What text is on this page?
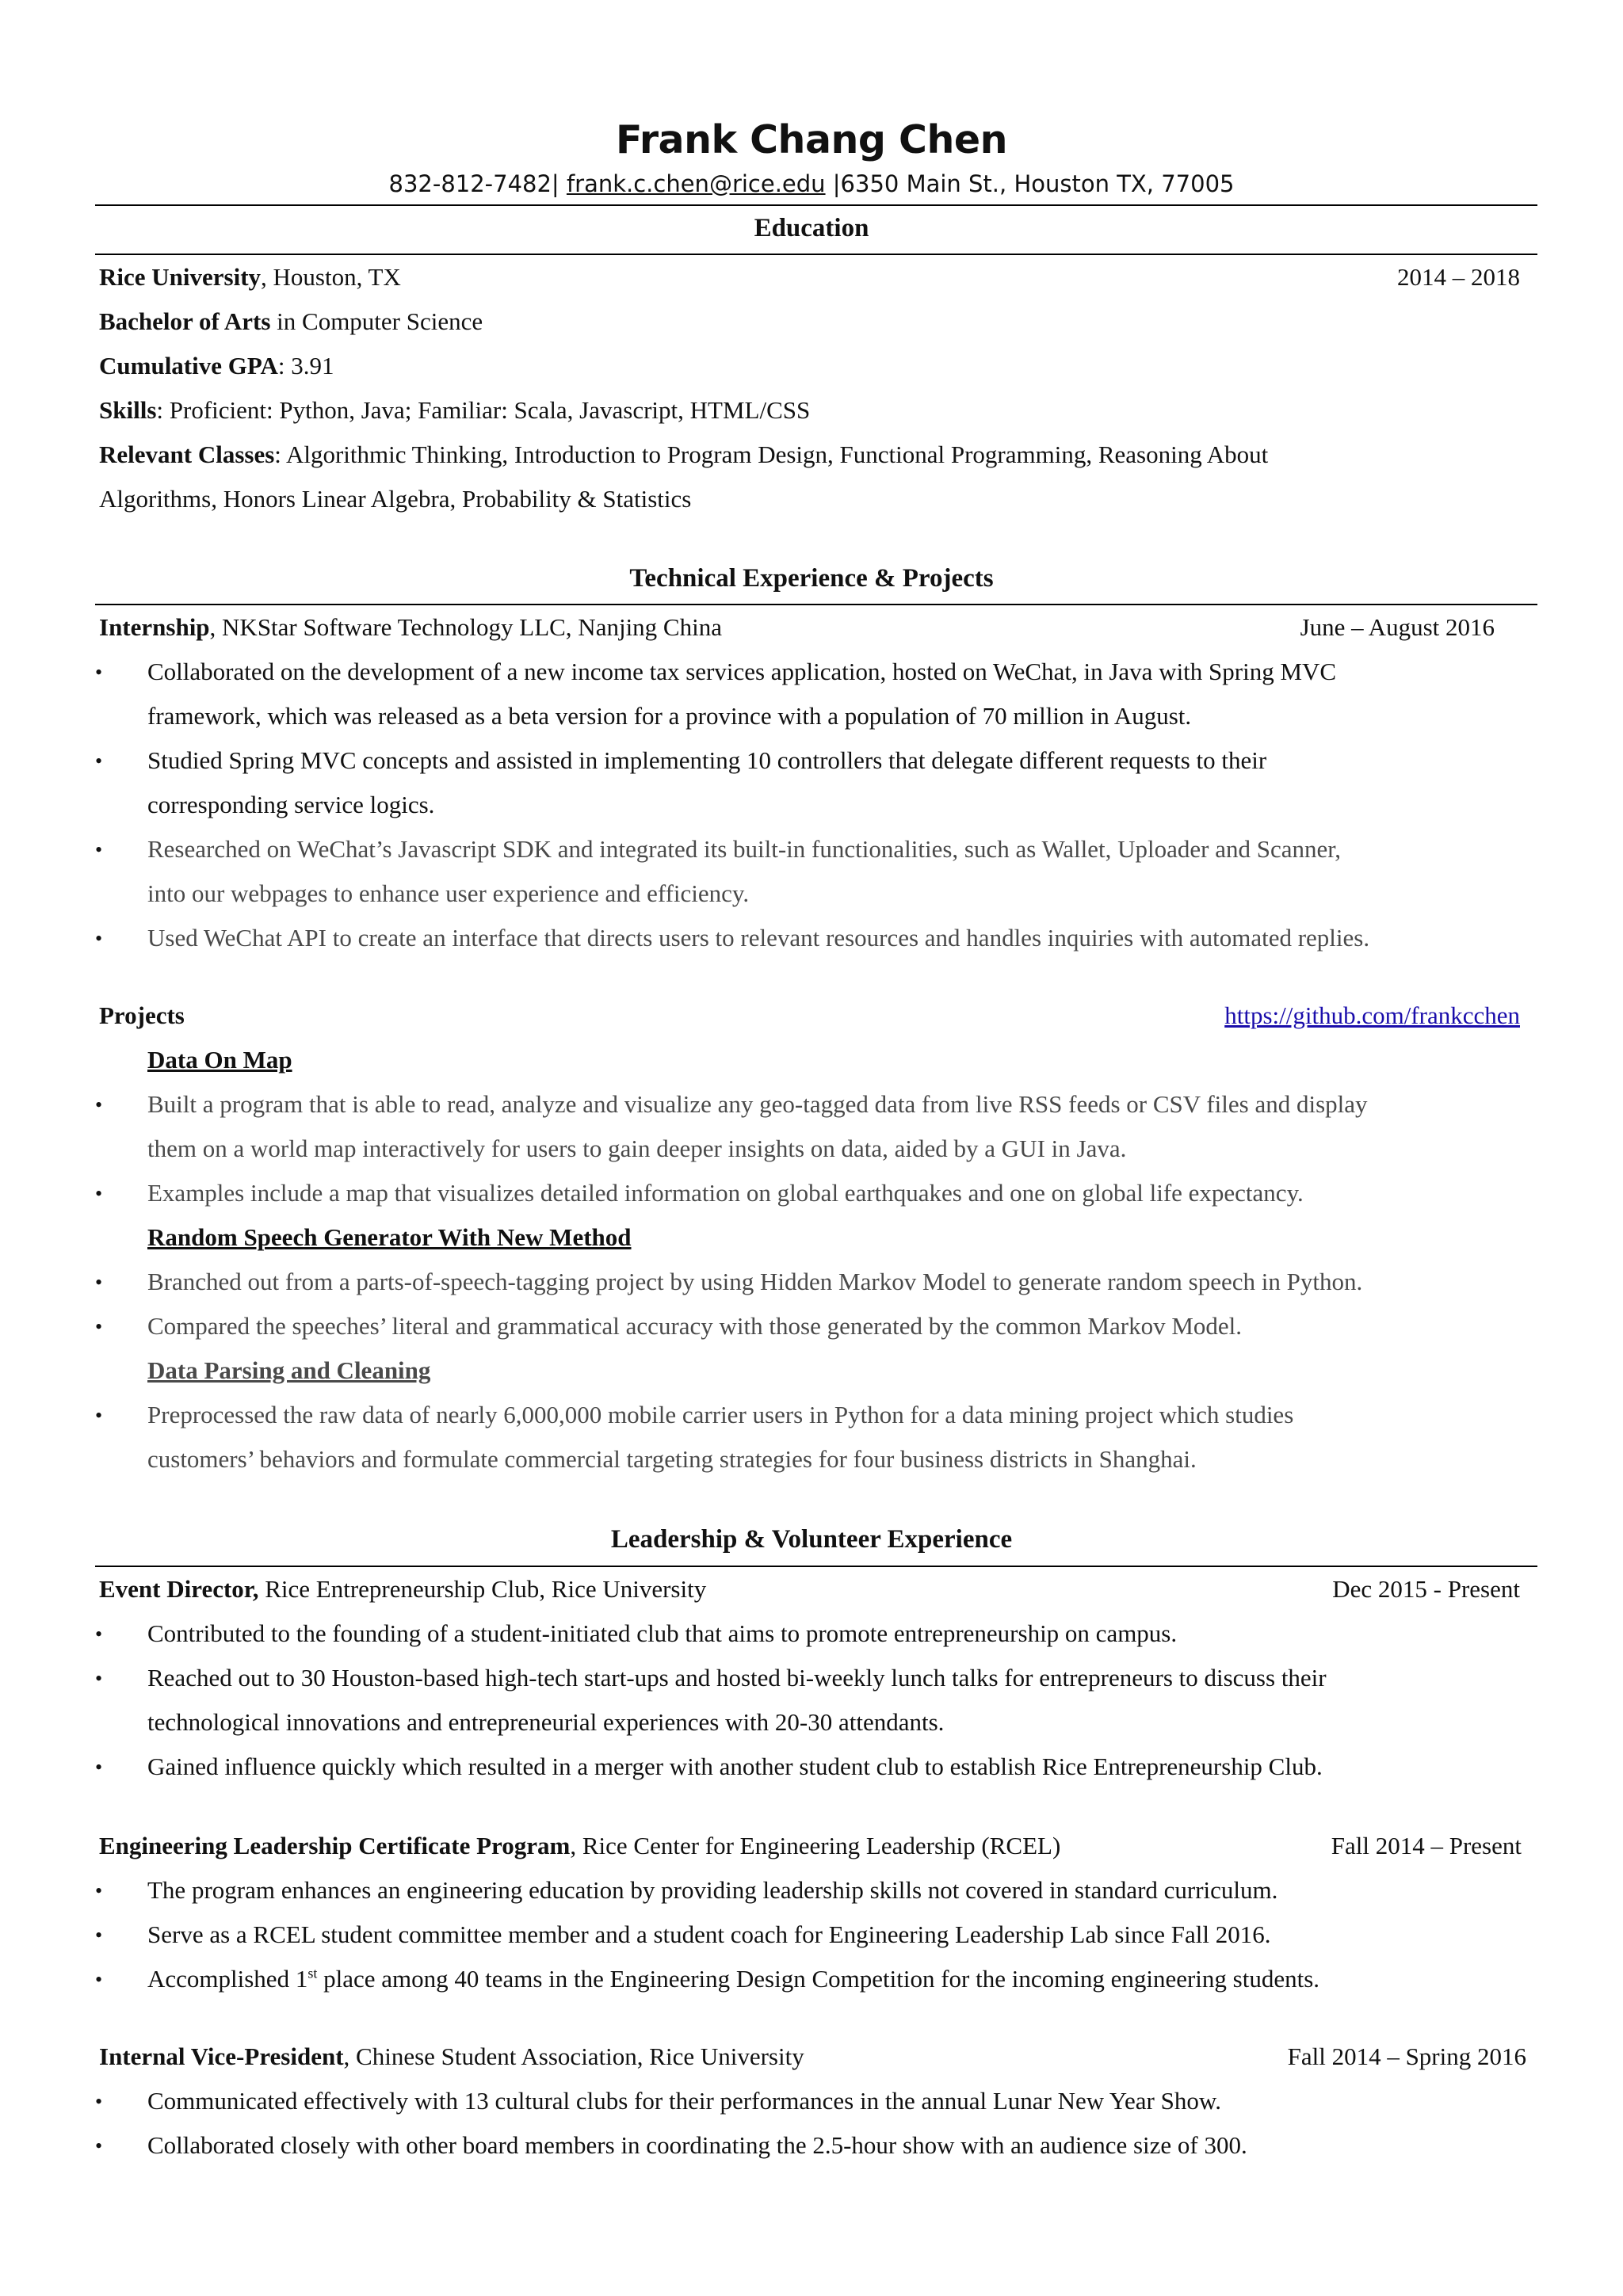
Frank Chang Chen
832-812-7482| frank.c.chen@rice.edu |6350 Main St., Houston TX, 77005
Education
Rice University, Houston, TX	2014 – 2018
Bachelor of Arts in Computer Science
Cumulative GPA: 3.91
Skills: Proficient: Python, Java; Familiar: Scala, Javascript, HTML/CSS
Relevant Classes: Algorithmic Thinking, Introduction to Program Design, Functional Programming, Reasoning About
Algorithms, Honors Linear Algebra, Probability & Statistics
Technical Experience & Projects
Internship, NKStar Software Technology LLC, Nanjing China	June – August 2016
• Collaborated on the development of a new income tax services application, hosted on WeChat, in Java with Spring MVC
framework, which was released as a beta version for a province with a population of 70 million in August.
• Studied Spring MVC concepts and assisted in implementing 10 controllers that delegate different requests to their
corresponding service logics.
• Researched on WeChat’s Javascript SDK and integrated its built-in functionalities, such as Wallet, Uploader and Scanner,
into our webpages to enhance user experience and efficiency.
• Used WeChat API to create an interface that directs users to relevant resources and handles inquiries with automated replies.
Projects	https://github.com/frankcchen
Data On Map
• Built a program that is able to read, analyze and visualize any geo-tagged data from live RSS feeds or CSV files and display
them on a world map interactively for users to gain deeper insights on data, aided by a GUI in Java.
• Examples include a map that visualizes detailed information on global earthquakes and one on global life expectancy.
Random Speech Generator With New Method
• Branched out from a parts-of-speech-tagging project by using Hidden Markov Model to generate random speech in Python.
• Compared the speeches’ literal and grammatical accuracy with those generated by the common Markov Model.
Data Parsing and Cleaning
• Preprocessed the raw data of nearly 6,000,000 mobile carrier users in Python for a data mining project which studies
customers’ behaviors and formulate commercial targeting strategies for four business districts in Shanghai.
Leadership & Volunteer Experience
Event Director, Rice Entrepreneurship Club, Rice University	Dec 2015 - Present
• Contributed to the founding of a student-initiated club that aims to promote entrepreneurship on campus.
• Reached out to 30 Houston-based high-tech start-ups and hosted bi-weekly lunch talks for entrepreneurs to discuss their
technological innovations and entrepreneurial experiences with 20-30 attendants.
• Gained influence quickly which resulted in a merger with another student club to establish Rice Entrepreneurship Club.
Engineering Leadership Certificate Program, Rice Center for Engineering Leadership (RCEL)	Fall 2014 – Present
• The program enhances an engineering education by providing leadership skills not covered in standard curriculum.
• Serve as a RCEL student committee member and a student coach for Engineering Leadership Lab since Fall 2016.
• Accomplished 1st place among 40 teams in the Engineering Design Competition for the incoming engineering students.
Internal Vice-President, Chinese Student Association, Rice University	Fall 2014 – Spring 2016
• Communicated effectively with 13 cultural clubs for their performances in the annual Lunar New Year Show.
• Collaborated closely with other board members in coordinating the 2.5-hour show with an audience size of 300.
